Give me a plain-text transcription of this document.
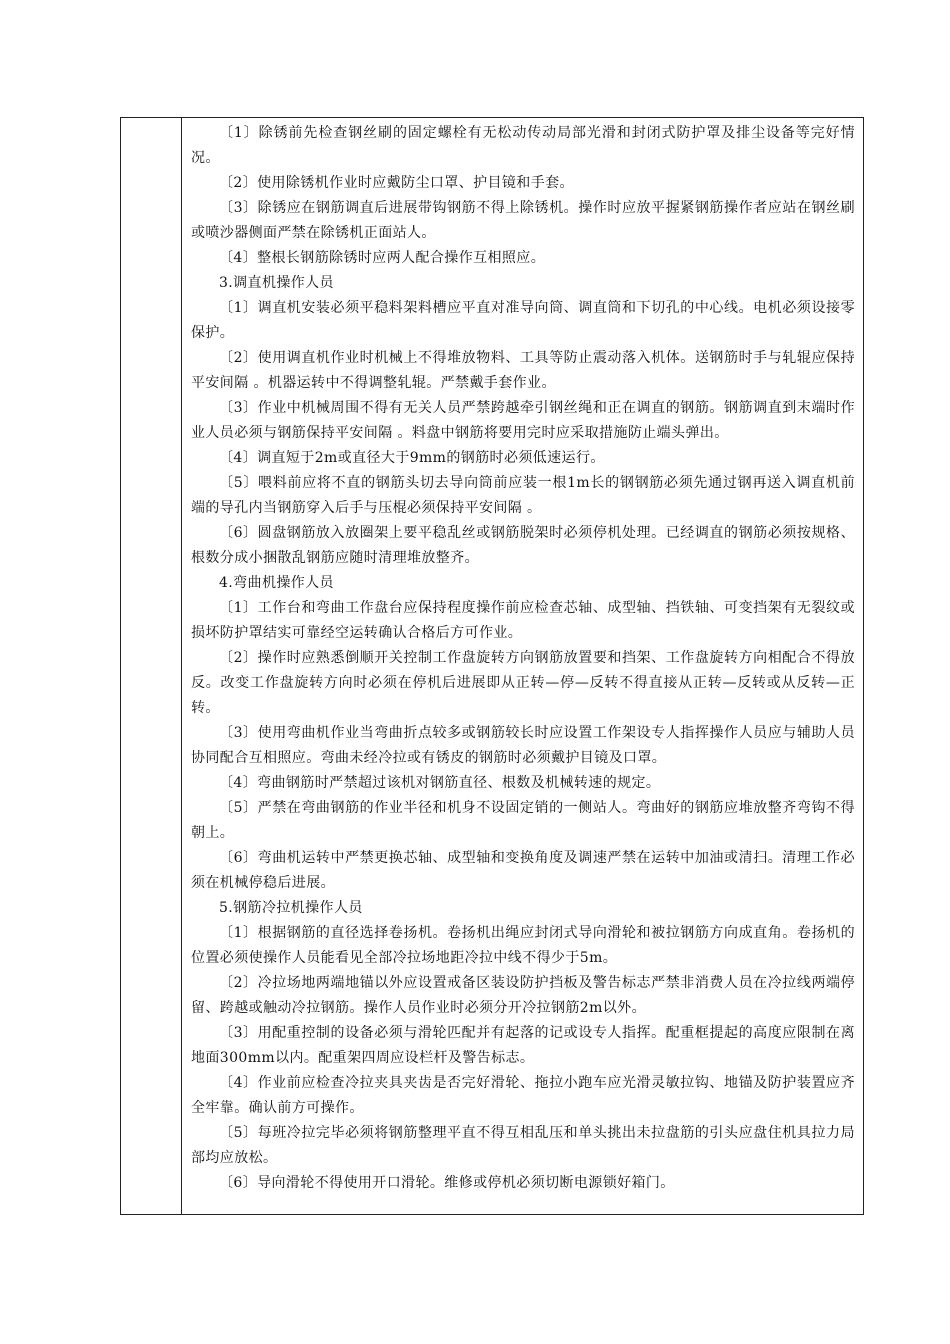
〔1〕除锈前先检查钢丝刷的固定螺栓有无松动传动局部光滑和封闭式防护罩及排尘设备等完好情况。

〔2〕使用除锈机作业时应戴防尘口罩、护目镜和手套。

〔3〕除锈应在钢筋调直后进展带钩钢筋不得上除锈机。操作时应放平握紧钢筋操作者应站在钢丝刷或喷沙器侧面严禁在除锈机正面站人。

〔4〕整根长钢筋除锈时应两人配合操作互相照应。

3.调直机操作人员

〔1〕调直机安装必须平稳料架料槽应平直对准导向筒、调直筒和下切孔的中心线。电机必须设接零保护。

〔2〕使用调直机作业时机械上不得堆放物料、工具等防止震动落入机体。送钢筋时手与轧辊应保持平安间隔 。机器运转中不得调整轧辊。严禁戴手套作业。

〔3〕作业中机械周围不得有无关人员严禁跨越牵引钢丝绳和正在调直的钢筋。钢筋调直到末端时作业人员必须与钢筋保持平安间隔 。料盘中钢筋将要用完时应采取措施防止端头弹出。

〔4〕调直短于2m或直径大于9mm的钢筋时必须低速运行。

〔5〕喂料前应将不直的钢筋头切去导向筒前应装一根1m长的钢钢筋必须先通过钢再送入调直机前端的导孔内当钢筋穿入后手与压棍必须保持平安间隔 。

〔6〕圆盘钢筋放入放圈架上要平稳乱丝或钢筋脱架时必须停机处理。已经调直的钢筋必须按规格、根数分成小捆散乱钢筋应随时清理堆放整齐。

4.弯曲机操作人员

〔1〕工作台和弯曲工作盘台应保持程度操作前应检查芯轴、成型轴、挡铁轴、可变挡架有无裂纹或损坏防护罩结实可靠经空运转确认合格后方可作业。

〔2〕操作时应熟悉倒顺开关控制工作盘旋转方向钢筋放置要和挡架、工作盘旋转方向相配合不得放反。改变工作盘旋转方向时必须在停机后进展即从正转—停—反转不得直接从正转—反转或从反转—正转。

〔3〕使用弯曲机作业当弯曲折点较多或钢筋较长时应设置工作架设专人指挥操作人员应与辅助人员协同配合互相照应。弯曲未经冷拉或有锈皮的钢筋时必须戴护目镜及口罩。

〔4〕弯曲钢筋时严禁超过该机对钢筋直径、根数及机械转速的规定。

〔5〕严禁在弯曲钢筋的作业半径和机身不设固定销的一侧站人。弯曲好的钢筋应堆放整齐弯钩不得朝上。

〔6〕弯曲机运转中严禁更换芯轴、成型轴和变换角度及调速严禁在运转中加油或清扫。清理工作必须在机械停稳后进展。

5.钢筋冷拉机操作人员

〔1〕根据钢筋的直径选择卷扬机。卷扬机出绳应封闭式导向滑轮和被拉钢筋方向成直角。卷扬机的位置必须使操作人员能看见全部冷拉场地距冷拉中线不得少于5m。

〔2〕冷拉场地两端地锚以外应设置戒备区装设防护挡板及警告标志严禁非消费人员在冷拉线两端停留、跨越或触动冷拉钢筋。操作人员作业时必须分开冷拉钢筋2m以外。

〔3〕用配重控制的设备必须与滑轮匹配并有起落的记或设专人指挥。配重框提起的高度应限制在离地面300mm以内。配重架四周应设栏杆及警告标志。

〔4〕作业前应检查冷拉夹具夹齿是否完好滑轮、拖拉小跑车应光滑灵敏拉钩、地锚及防护装置应齐全牢靠。确认前方可操作。

〔5〕每班冷拉完毕必须将钢筋整理平直不得互相乱压和单头挑出未拉盘筋的引头应盘住机具拉力局部均应放松。

〔6〕导向滑轮不得使用开口滑轮。维修或停机必须切断电源锁好箱门。
